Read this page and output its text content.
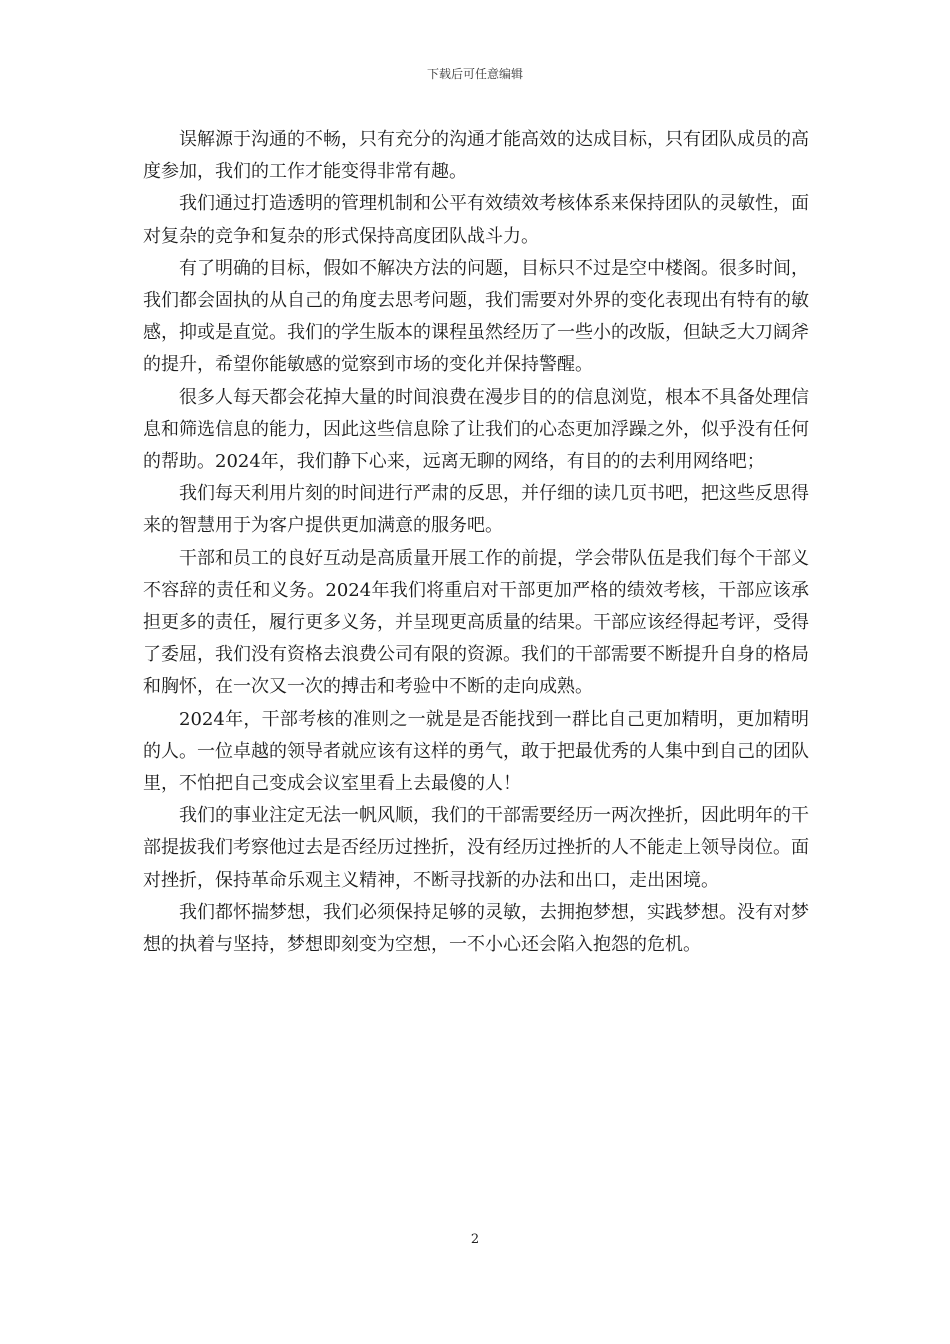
下载后可任意编辑

误解源于沟通的不畅，只有充分的沟通才能高效的达成目标，只有团队成员的高度参加，我们的工作才能变得非常有趣。

我们通过打造透明的管理机制和公平有效绩效考核体系来保持团队的灵敏性，面对复杂的竞争和复杂的形式保持高度团队战斗力。

有了明确的目标，假如不解决方法的问题，目标只不过是空中楼阁。很多时间，我们都会固执的从自己的角度去思考问题，我们需要对外界的变化表现出有特有的敏感，抑或是直觉。我们的学生版本的课程虽然经历了一些小的改版，但缺乏大刀阔斧的提升，希望你能敏感的觉察到市场的变化并保持警醒。

很多人每天都会花掉大量的时间浪费在漫步目的的信息浏览，根本不具备处理信息和筛选信息的能力，因此这些信息除了让我们的心态更加浮躁之外，似乎没有任何的帮助。2024年，我们静下心来，远离无聊的网络，有目的的去利用网络吧；

我们每天利用片刻的时间进行严肃的反思，并仔细的读几页书吧，把这些反思得来的智慧用于为客户提供更加满意的服务吧。

干部和员工的良好互动是高质量开展工作的前提，学会带队伍是我们每个干部义不容辞的责任和义务。2024年我们将重启对干部更加严格的绩效考核，干部应该承担更多的责任，履行更多义务，并呈现更高质量的结果。干部应该经得起考评，受得了委屈，我们没有资格去浪费公司有限的资源。我们的干部需要不断提升自身的格局和胸怀，在一次又一次的搏击和考验中不断的走向成熟。

2024年，干部考核的准则之一就是是否能找到一群比自己更加精明，更加精明的人。一位卓越的领导者就应该有这样的勇气，敢于把最优秀的人集中到自己的团队里，不怕把自己变成会议室里看上去最傻的人！

我们的事业注定无法一帆风顺，我们的干部需要经历一两次挫折，因此明年的干部提拔我们考察他过去是否经历过挫折，没有经历过挫折的人不能走上领导岗位。面对挫折，保持革命乐观主义精神，不断寻找新的办法和出口，走出困境。

我们都怀揣梦想，我们必须保持足够的灵敏，去拥抱梦想，实践梦想。没有对梦想的执着与坚持，梦想即刻变为空想，一不小心还会陷入抱怨的危机。

2
